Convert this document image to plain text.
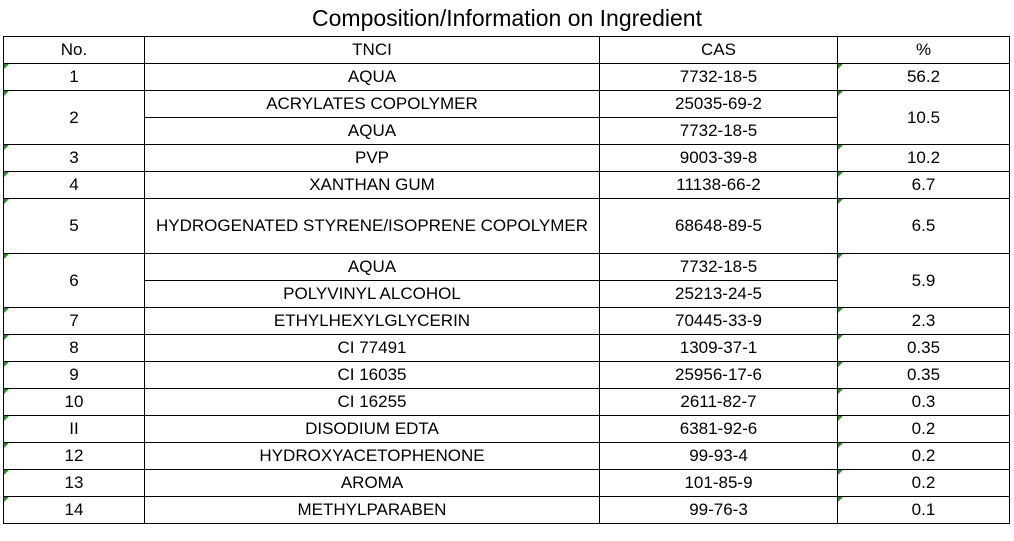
Composition/Information on Ingredient
No.	TNCI	CAS	%
1	AQUA	7732-18-5	56.2
2	ACRYLATES COPOLYMER	25035-69-2	10.5
	AQUA	7732-18-5	
3	PVP	9003-39-8	10.2
4	XANTHAN GUM	11138-66-2	6.7
5	HYDROGENATED STYRENE/ISOPRENE COPOLYMER	68648-89-5	6.5
6	AQUA	7732-18-5	5.9
	POLYVINYL ALCOHOL	25213-24-5	
7	ETHYLHEXYLGLYCERIN	70445-33-9	2.3
8	CI 77491	1309-37-1	0.35
9	CI 16035	25956-17-6	0.35
10	CI 16255	2611-82-7	0.3
II	DISODIUM EDTA	6381-92-6	0.2
12	HYDROXYACETOPHENONE	99-93-4	0.2
13	AROMA	101-85-9	0.2
14	METHYLPARABEN	99-76-3	0.1
